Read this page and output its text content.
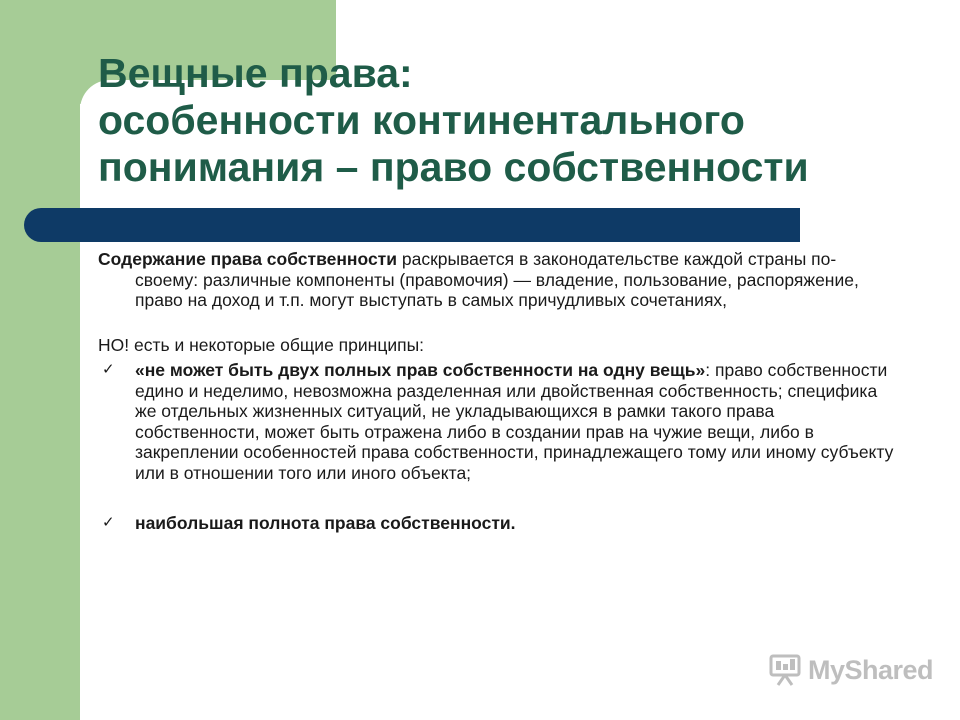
Вещные права:
особенности континентального
понимания – право собственности
Содержание права собственности раскрывается в законодательстве каждой страны по-своему: различные компоненты (правомочия) — владение, пользование, распоряжение, право на доход и т.п. могут выступать в самых причудливых сочетаниях,
НО! есть и некоторые общие принципы:
✓ «не может быть двух полных прав собственности на одну вещь»: право собственности едино и неделимо, невозможна разделенная или двойственная собственность; специфика же отдельных жизненных ситуаций, не укладывающихся в рамки такого права собственности, может быть отражена либо в создании прав на чужие вещи, либо в закреплении особенностей права собственности, принадлежащего тому или иному субъекту или в отношении того или иного объекта;
✓ наибольшая полнота права собственности.
MyShared
